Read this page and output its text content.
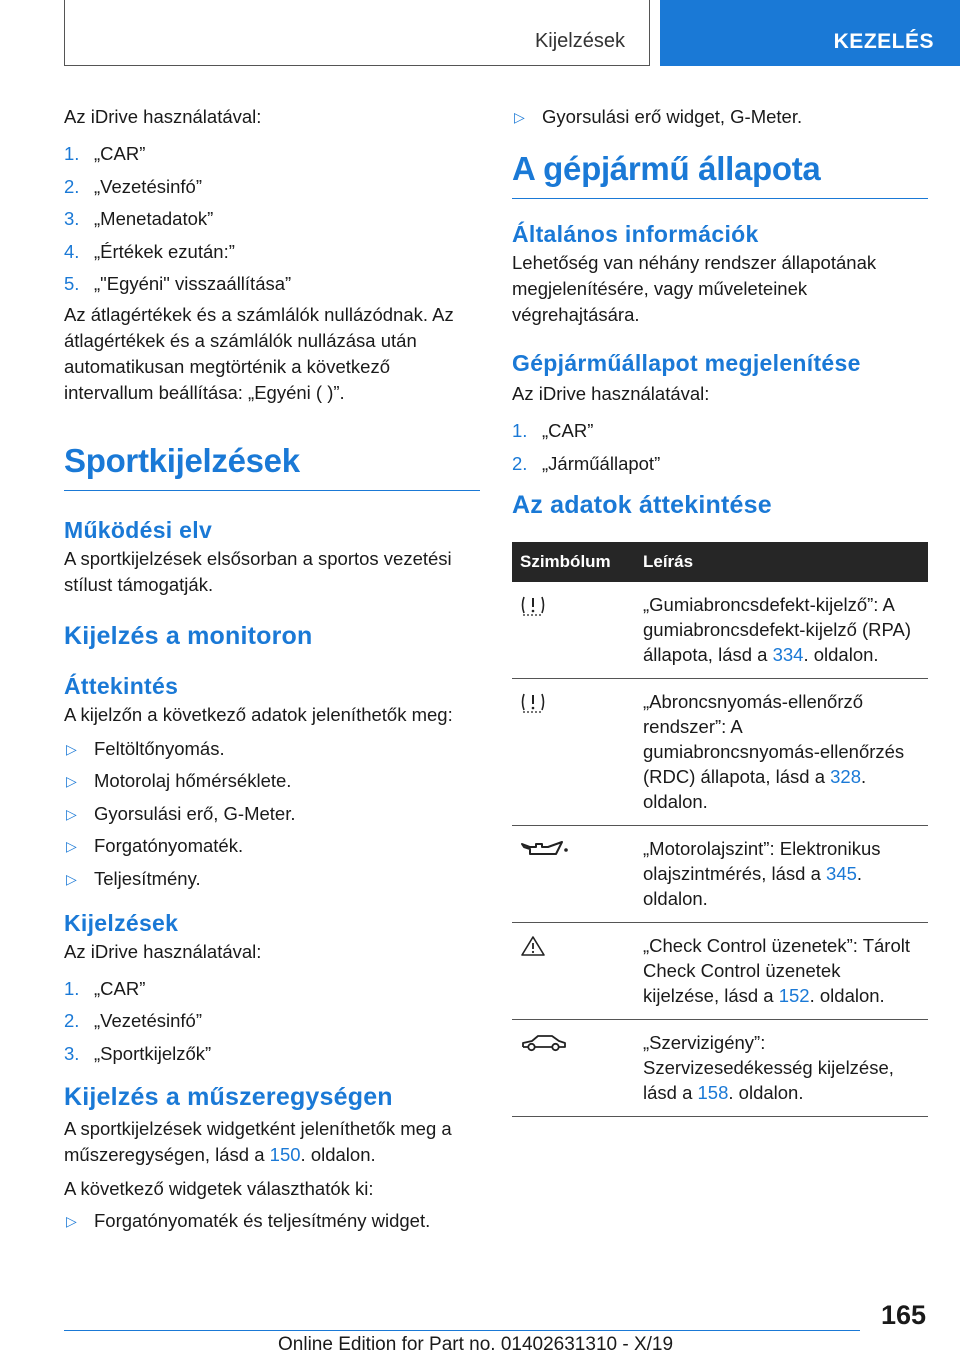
Kijelzések	KEZELÉS

Az iDrive használatával:

1. „CAR”
2. „Vezetésinfó”
3. „Menetadatok”
4. „Értékek ezután:”
5. „"Egyéni" visszaállítása”

Az átlagértékek és a számlálók nullázódnak. Az átlagértékek és a számlálók nullázása után automatikusan megtörténik a következő intervallum beállítása: „Egyéni ( )”.

Sportkijelzések
Működési elv

A sportkijelzések elsősorban a sportos vezetési stílust támogatják.

Kijelzés a monitoron
Áttekintés

A kijelzőn a következő adatok jeleníthetők meg:

▷ Feltöltőnyomás.
▷ Motorolaj hőmérséklete.
▷ Gyorsulási erő, G-Meter.
▷ Forgatónyomaték.
▷ Teljesítmény.
Kijelzések

Az iDrive használatával:

1. „CAR”
2. „Vezetésinfó”
3. „Sportkijelzők”
Kijelzés a műszeregységen

A sportkijelzések widgetként jeleníthetők meg a műszeregységen, lásd a 150. oldalon.

A következő widgetek választhatók ki:

▷ Forgatónyomaték és teljesítmény widget.
▷ Gyorsulási erő widget, G-Meter.
A gépjármű állapota
Általános információk

Lehetőség van néhány rendszer állapotának megjelenítésére, vagy műveleteinek végrehajtására.

Gépjárműállapot megjelenítése

Az iDrive használatával:

1. „CAR”
2. „Járműállapot”
Az adatok áttekintése
Szimbólum	Leírás
	„Gumiabroncsdefekt-kijelző”: A gumiabroncsdefekt-kijelző (RPA) állapota, lásd a 334. oldalon.
	„Abroncsnyomás-ellenőrző rendszer”: A gumiabroncsnyomás-ellenőrzés (RDC) állapota, lásd a 328. oldalon.
	„Motorolajszint”: Elektronikus olajszintmérés, lásd a 345. oldalon.
	„Check Control üzenetek”: Tárolt Check Control üzenetek kijelzése, lásd a 152. oldalon.
	„Szervizigény”: Szervizesedékesség kijelzése, lásd a 158. oldalon.
165
Online Edition for Part no. 01402631310 - X/19
